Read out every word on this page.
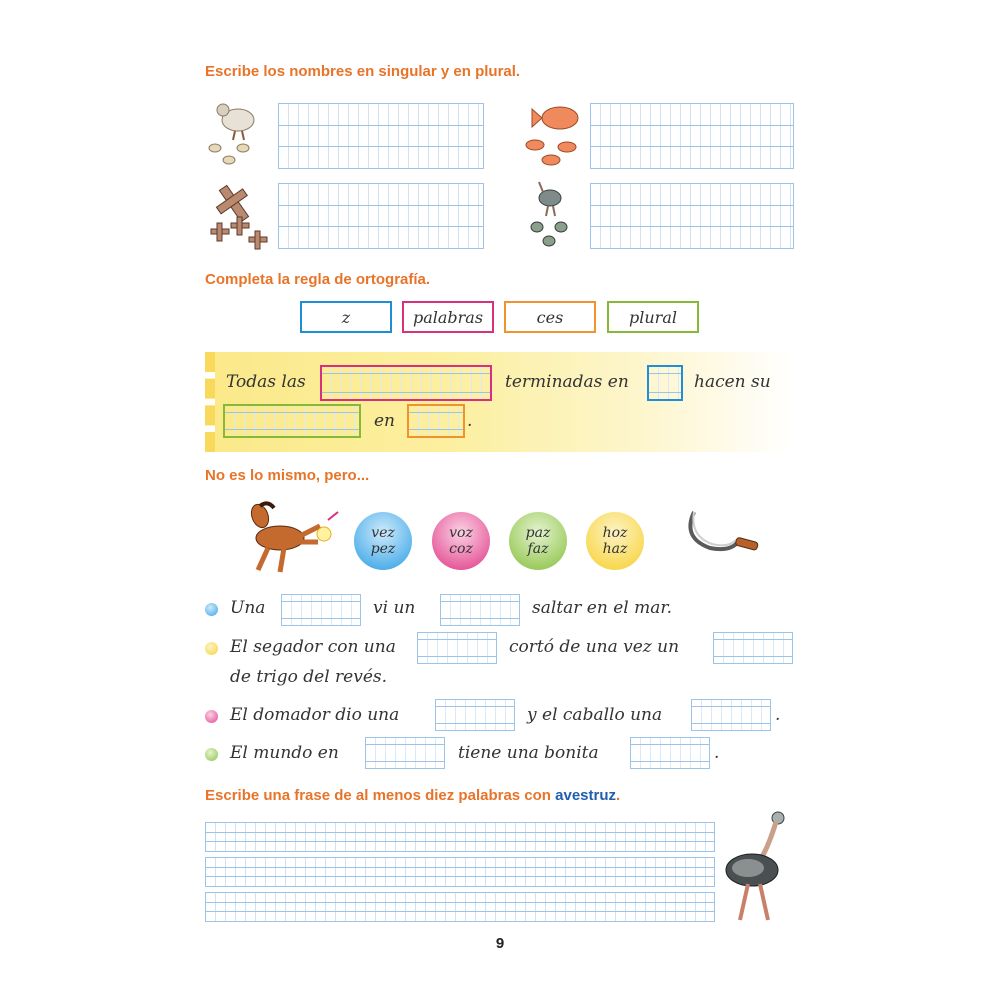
Escribe los nombres en singular y en plural.
Completa la regla de ortografía.
z	palabras	ces	plural
Todas las	terminadas en	hacen su
en	.
No es lo mismo, pero...
vez
pez
voz
coz
paz
faz
hoz
haz
Una	vi un	saltar en el mar.
El segador con una	cortó de una vez un
de trigo del revés.
El domador dio una	y el caballo una	.
El mundo en	tiene una bonita	.
Escribe una frase de al menos diez palabras con avestruz.
9
